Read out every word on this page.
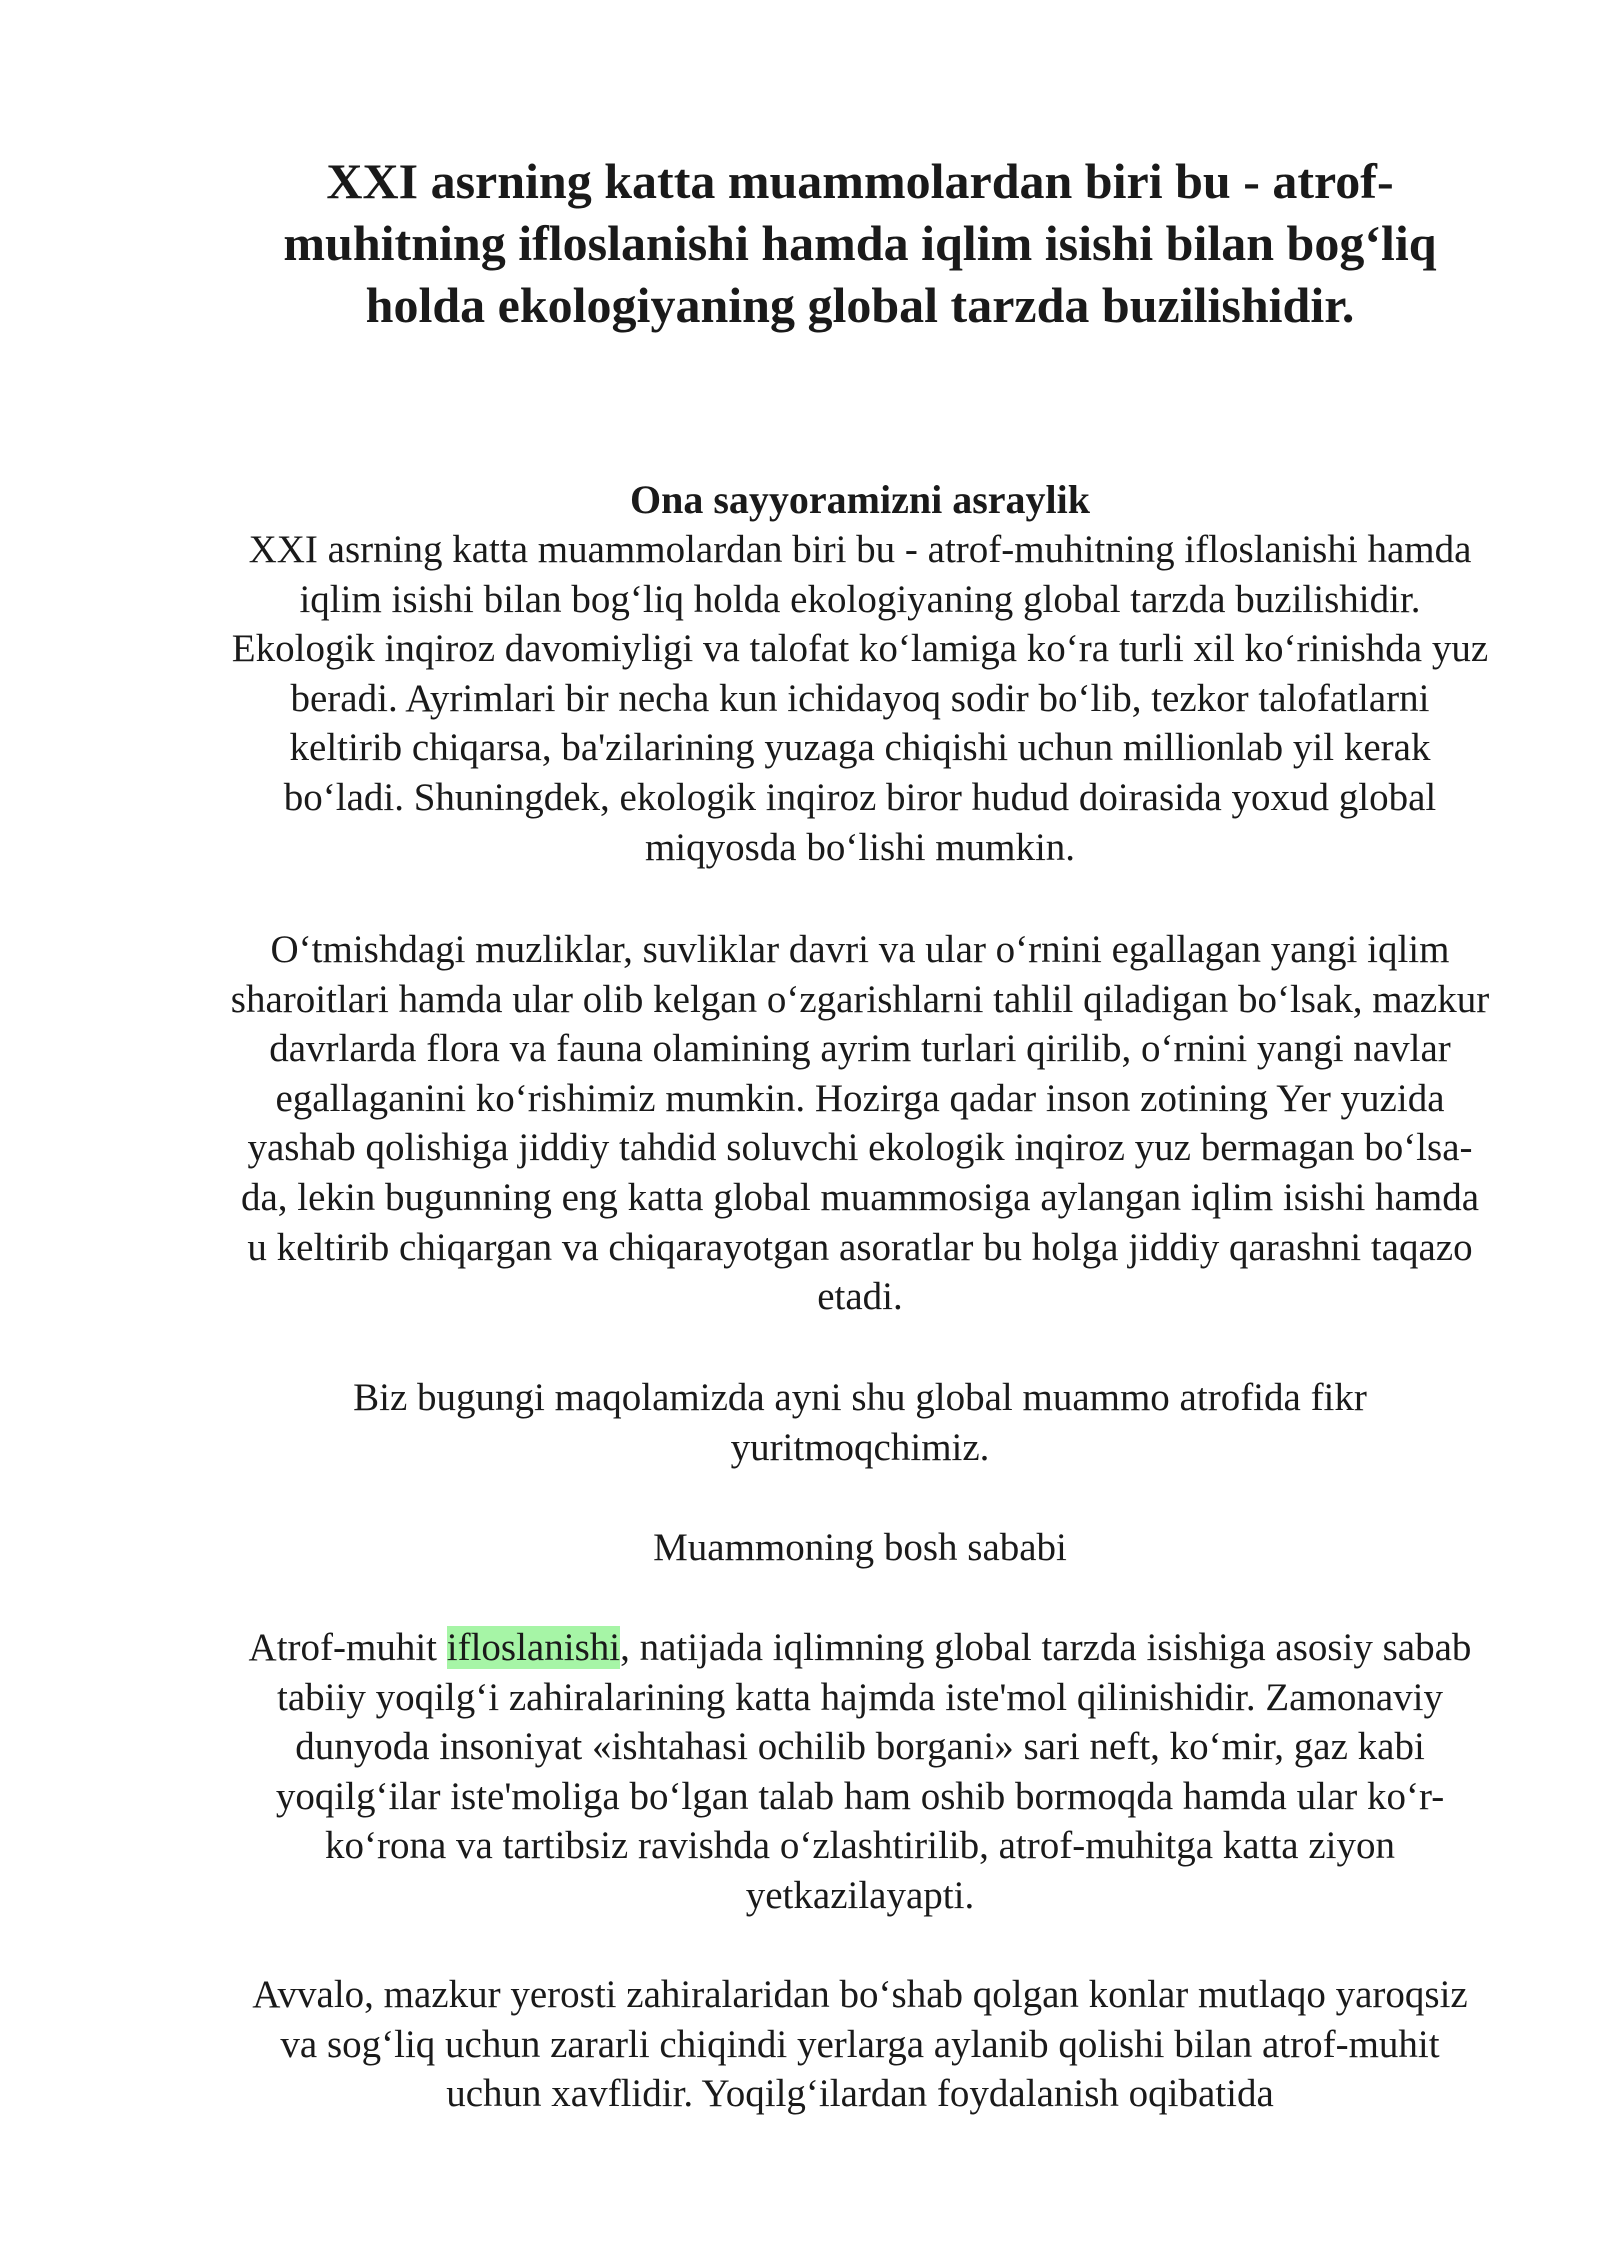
XXI asrning katta muammolardan biri bu - atrof-muhitning ifloslanishi hamda iqlim isishi bilan bog‘liq holda ekologiyaning global tarzda buzilishidir.
Ona sayyoramizni asraylik

XXI asrning katta muammolardan biri bu - atrof-muhitning ifloslanishi hamda iqlim isishi bilan bog‘liq holda ekologiyaning global tarzda buzilishidir. Ekologik inqiroz davomiyligi va talofat ko‘lamiga ko‘ra turli xil ko‘rinishda yuz beradi. Ayrimlari bir necha kun ichidayoq sodir bo‘lib, tezkor talofatlarni keltirib chiqarsa, ba'zilarining yuzaga chiqishi uchun millionlab yil kerak bo‘ladi. Shuningdek, ekologik inqiroz biror hudud doirasida yoxud global miqyosda bo‘lishi mumkin.

O‘tmishdagi muzliklar, suvliklar davri va ular o‘rnini egallagan yangi iqlim sharoitlari hamda ular olib kelgan o‘zgarishlarni tahlil qiladigan bo‘lsak, mazkur davrlarda flora va fauna olamining ayrim turlari qirilib, o‘rnini yangi navlar egallaganini ko‘rishimiz mumkin. Hozirga qadar inson zotining Yer yuzida yashab qolishiga jiddiy tahdid soluvchi ekologik inqiroz yuz bermagan bo‘lsa-da, lekin bugunning eng katta global muammosiga aylangan iqlim isishi hamda u keltirib chiqargan va chiqarayotgan asoratlar bu holga jiddiy qarashni taqazo etadi.

Biz bugungi maqolamizda ayni shu global muammo atrofida fikr yuritmoqchimiz.

Muammoning bosh sababi

Atrof-muhit ifloslanishi, natijada iqlimning global tarzda isishiga asosiy sabab tabiiy yoqilg‘i zahiralarining katta hajmda iste'mol qilinishidir. Zamonaviy dunyoda insoniyat «ishtahasi ochilib borgani» sari neft, ko‘mir, gaz kabi yoqilg‘ilar iste'moliga bo‘lgan talab ham oshib bormoqda hamda ular ko‘r-ko‘rona va tartibsiz ravishda o‘zlashtirilib, atrof-muhitga katta ziyon yetkazilayapti.

Avvalo, mazkur yerosti zahiralaridan bo‘shab qolgan konlar mutlaqo yaroqsiz va sog‘liq uchun zararli chiqindi yerlarga aylanib qolishi bilan atrof-muhit uchun xavflidir. Yoqilg‘ilardan foydalanish oqibatida
